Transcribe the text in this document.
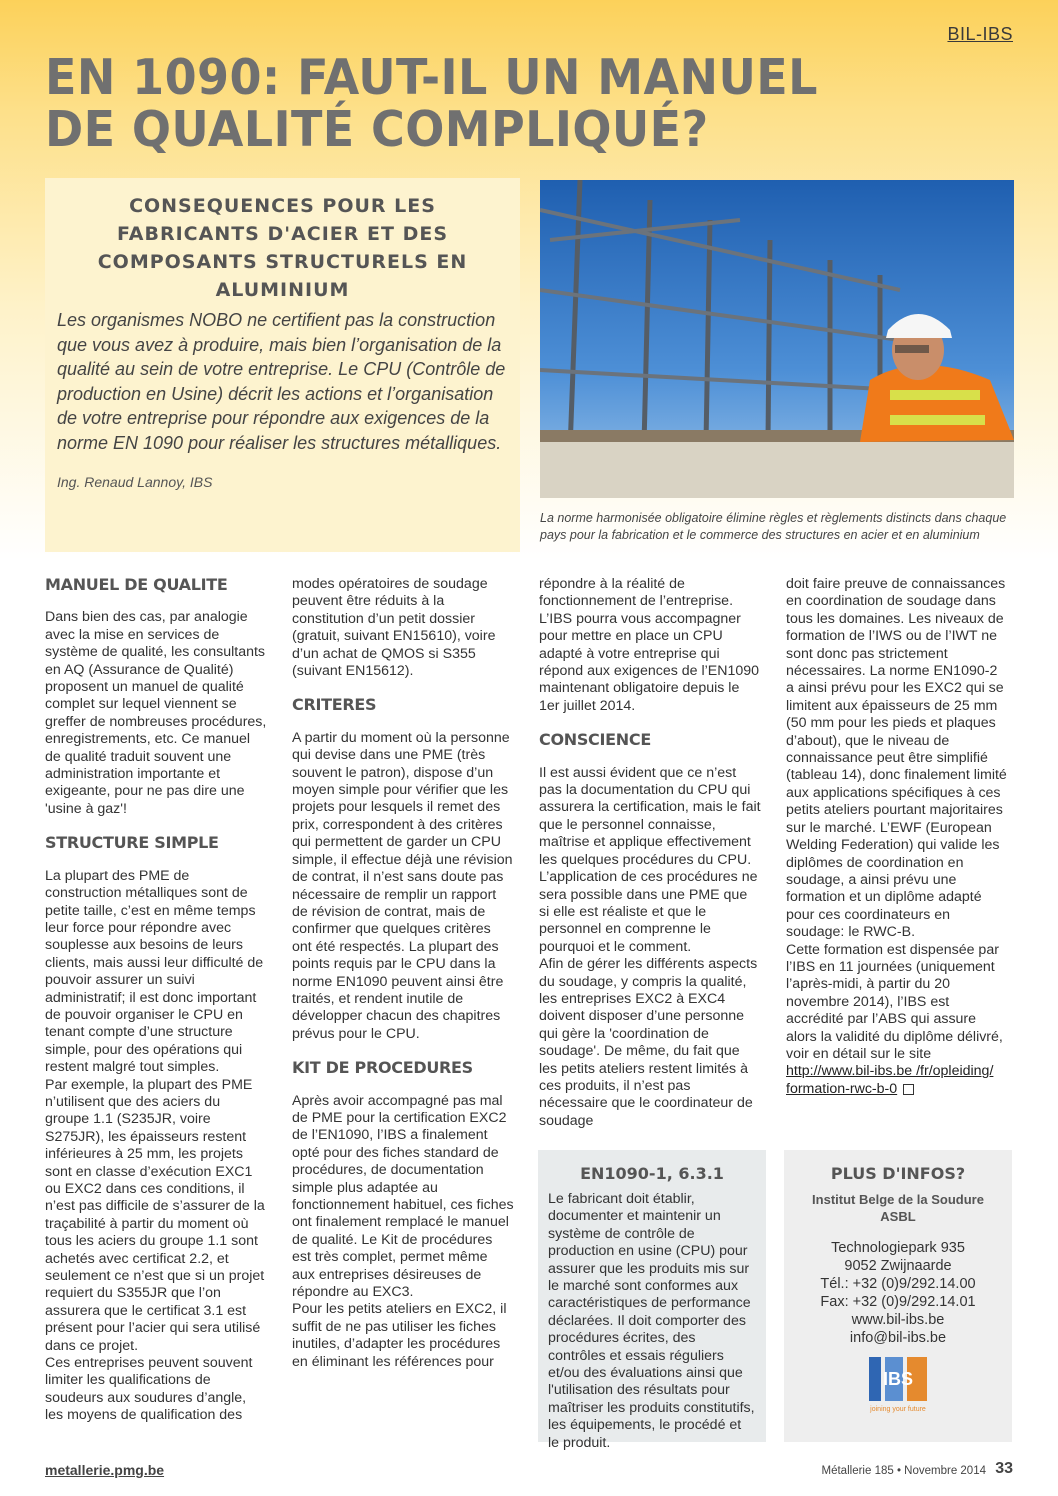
BIL-IBS
EN 1090: FAUT-IL UN MANUEL
DE QUALITÉ COMPLIQUÉ?
CONSEQUENCES POUR LES FABRICANTS D'ACIER ET DES COMPOSANTS STRUCTURELS EN ALUMINIUM
Les organismes NOBO ne certifient pas la construction que vous avez à produire, mais bien l’organisation de la qualité au sein de votre entreprise. Le CPU (Contrôle de production en Usine) décrit les actions et l’organisation de votre entreprise pour répondre aux exigences de la norme EN 1090 pour réaliser les structures métalliques.
Ing. Renaud Lannoy, IBS
La norme harmonisée obligatoire élimine règles et règlements distincts dans chaque pays pour la fabrication et le commerce des structures en acier et en aluminium
MANUEL DE QUALITE

Dans bien des cas, par analogie avec la mise en services de système de qualité, les consultants en AQ (Assurance de Qualité) proposent un manuel de qualité complet sur lequel viennent se greffer de nombreuses procédures, enregistrements, etc. Ce manuel de qualité traduit souvent une administration importante et exigeante, pour ne pas dire une 'usine à gaz'!

STRUCTURE SIMPLE

La plupart des PME de construction métalliques sont de petite taille, c’est en même temps leur force pour répondre avec souplesse aux besoins de leurs clients, mais aussi leur difficulté de pouvoir assurer un suivi administratif; il est donc important de pouvoir organiser le CPU en tenant compte d’une structure simple, pour des opérations qui restent malgré tout simples.

Par exemple, la plupart des PME n’utilisent que des aciers du groupe 1.1 (S235JR, voire S275JR), les épaisseurs restent inférieures à 25 mm, les projets sont en classe d’exécution EXC1 ou EXC2 dans ces conditions, il n’est pas difficile de s’assurer de la traçabilité à partir du moment où tous les aciers du groupe 1.1 sont achetés avec certificat 2.2, et seulement ce n’est que si un projet requiert du S355JR que l’on assurera que le certificat 3.1 est présent pour l’acier qui sera utilisé dans ce projet.

Ces entreprises peuvent souvent limiter les qualifications de soudeurs aux soudures d’angle, les moyens de qualification des

modes opératoires de soudage peuvent être réduits à la constitution d’un petit dossier (gratuit, suivant EN15610), voire d’un achat de QMOS si S355 (suivant EN15612).

CRITERES

A partir du moment où la personne qui devise dans une PME (très souvent le patron), dispose d’un moyen simple pour vérifier que les projets pour lesquels il remet des prix, correspondent à des critères qui permettent de garder un CPU simple, il effectue déjà une révision de contrat, il n’est sans doute pas nécessaire de remplir un rapport de révision de contrat, mais de confirmer que quelques critères ont été respectés. La plupart des points requis par le CPU dans la norme EN1090 peuvent ainsi être traités, et rendent inutile de développer chacun des chapitres prévus pour le CPU.

KIT DE PROCEDURES

Après avoir accompagné pas mal de PME pour la certification EXC2 de l’EN1090, l’IBS a finalement opté pour des fiches standard de procédures, de documentation simple plus adaptée au fonctionnement habituel, ces fiches ont finalement remplacé le manuel de qualité. Le Kit de procédures est très complet, permet même aux entreprises désireuses de répondre au EXC3.

Pour les petits ateliers en EXC2, il suffit de ne pas utiliser les fiches inutiles, d’adapter les procédures en éliminant les références pour

répondre à la réalité de fonctionnement de l’entreprise. L’IBS pourra vous accompagner pour mettre en place un CPU adapté à votre entreprise qui répond aux exigences de l’EN1090 maintenant obligatoire depuis le 1er juillet 2014.

CONSCIENCE

Il est aussi évident que ce n’est pas la documentation du CPU qui assurera la certification, mais le fait que le personnel connaisse, maîtrise et applique effectivement les quelques procédures du CPU. L’application de ces procédures ne sera possible dans une PME que si elle est réaliste et que le personnel en comprenne le pourquoi et le comment.

Afin de gérer les différents aspects du soudage, y compris la qualité, les entreprises EXC2 à EXC4 doivent disposer d’une personne qui gère la 'coordination de soudage'. De même, du fait que les petits ateliers restent limités à ces produits, il n’est pas nécessaire que le coordinateur de soudage

doit faire preuve de connaissances en coordination de soudage dans tous les domaines. Les niveaux de formation de l’IWS ou de l’IWT ne sont donc pas strictement nécessaires. La norme EN1090-2 a ainsi prévu pour les EXC2 qui se limitent aux épaisseurs de 25 mm (50 mm pour les pieds et plaques d’about), que le niveau de connaissance peut être simplifié (tableau 14), donc finalement limité aux applications spécifiques à ces petits ateliers pourtant majoritaires sur le marché. L’EWF (European Welding Federation) qui valide les diplômes de coordination en soudage, a ainsi prévu une formation et un diplôme adapté pour ces coordinateurs en soudage: le RWC-B.

Cette formation est dispensée par l’IBS en 11 journées (uniquement l’après-midi, à partir du 20 novembre 2014), l’IBS est accrédité par l’ABS qui assure alors la validité du diplôme délivré, voir en détail sur le site

http://www.bil-ibs.be /fr/opleiding/ formation-rwc-b-0

EN1090-1, 6.3.1

Le fabricant doit établir, documenter et maintenir un système de contrôle de production en usine (CPU) pour assurer que les produits mis sur le marché sont conformes aux caractéristiques de performance déclarées. Il doit comporter des procédures écrites, des contrôles et essais réguliers et/ou des évaluations ainsi que l'utilisation des résultats pour maîtriser les produits constitutifs, les équipements, le procédé et le produit.

PLUS D'INFOS?
Institut Belge de la Soudure
ASBL
Technologiepark 935
9052 Zwijnaarde
Tél.: +32 (0)9/292.14.00
Fax: +32 (0)9/292.14.01
www.bil-ibs.be
info@bil-ibs.be
IBS
joining your future
metallerie.pmg.be	Métallerie 185 • Novembre 2014 33
